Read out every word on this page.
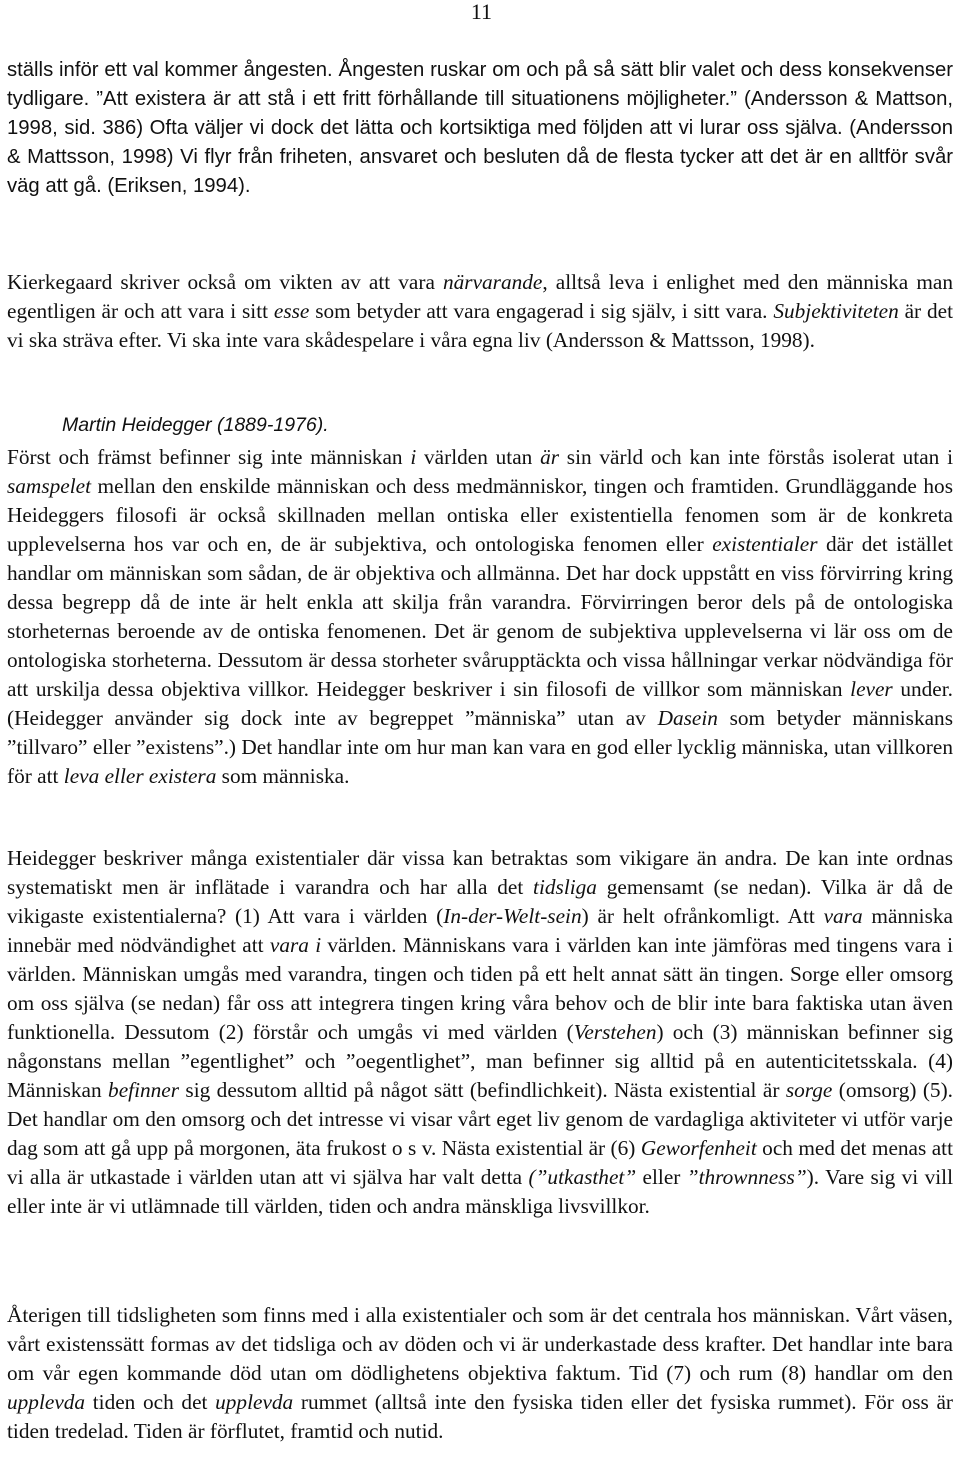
11

ställs inför ett val kommer ångesten. Ångesten ruskar om och på så sätt blir valet och dess konsekvenser tydligare. ”Att existera är att stå i ett fritt förhållande till situationens möjligheter.” (Andersson & Mattson, 1998, sid. 386) Ofta väljer vi dock det lätta och kortsiktiga med följden att vi lurar oss själva. (Andersson & Mattsson, 1998) Vi flyr från friheten, ansvaret och besluten då de flesta tycker att det är en alltför svår väg att gå. (Eriksen, 1994).

Kierkegaard skriver också om vikten av att vara närvarande, alltså leva i enlighet med den människa man egentligen är och att vara i sitt esse som betyder att vara engagerad i sig själv, i sitt vara. Subjektiviteten är det vi ska sträva efter. Vi ska inte vara skådespelare i våra egna liv (Andersson & Mattsson, 1998).

Martin Heidegger (1889-1976).

Först och främst befinner sig inte människan i världen utan är sin värld och kan inte förstås isolerat utan i samspelet mellan den enskilde människan och dess medmänniskor, tingen och framtiden. Grundläggande hos Heideggers filosofi är också skillnaden mellan ontiska eller existentiella fenomen som är de konkreta upplevelserna hos var och en, de är subjektiva, och ontologiska fenomen eller existentialer där det istället handlar om människan som sådan, de är objektiva och allmänna. Det har dock uppstått en viss förvirring kring dessa begrepp då de inte är helt enkla att skilja från varandra. Förvirringen beror dels på de ontologiska storheternas beroende av de ontiska fenomenen. Det är genom de subjektiva upplevelserna vi lär oss om de ontologiska storheterna. Dessutom är dessa storheter svårupptäckta och vissa hållningar verkar nödvändiga för att urskilja dessa objektiva villkor. Heidegger beskriver i sin filosofi de villkor som människan lever under. (Heidegger använder sig dock inte av begreppet ”människa” utan av Dasein som betyder människans ”tillvaro” eller ”existens”.) Det handlar inte om hur man kan vara en god eller lycklig människa, utan villkoren för att leva eller existera som människa.

Heidegger beskriver många existentialer där vissa kan betraktas som vikigare än andra. De kan inte ordnas systematiskt men är inflätade i varandra och har alla det tidsliga gemensamt (se nedan). Vilka är då de vikigaste existentialerna? (1) Att vara i världen (In-der-Welt-sein) är helt ofrånkomligt. Att vara människa innebär med nödvändighet att vara i världen. Människans vara i världen kan inte jämföras med tingens vara i världen. Människan umgås med varandra, tingen och tiden på ett helt annat sätt än tingen. Sorge eller omsorg om oss själva (se nedan) får oss att integrera tingen kring våra behov och de blir inte bara faktiska utan även funktionella. Dessutom (2) förstår och umgås vi med världen (Verstehen) och (3) människan befinner sig någonstans mellan ”egentlighet” och ”oegentlighet”, man befinner sig alltid på en autenticitetsskala. (4) Människan befinner sig dessutom alltid på något sätt (befindlichkeit). Nästa existential är sorge (omsorg) (5). Det handlar om den omsorg och det intresse vi visar vårt eget liv genom de vardagliga aktiviteter vi utför varje dag som att gå upp på morgonen, äta frukost o s v. Nästa existential är (6) Geworfenheit och med det menas att vi alla är utkastade i världen utan att vi själva har valt detta (”utkasthet” eller ”thrownness”). Vare sig vi vill eller inte är vi utlämnade till världen, tiden och andra mänskliga livsvillkor.

Återigen till tidsligheten som finns med i alla existentialer och som är det centrala hos människan. Vårt väsen, vårt existenssätt formas av det tidsliga och av döden och vi är underkastade dess krafter. Det handlar inte bara om vår egen kommande död utan om dödlighetens objektiva faktum. Tid (7) och rum (8) handlar om den upplevda tiden och det upplevda rummet (alltså inte den fysiska tiden eller det fysiska rummet). För oss är tiden tredelad. Tiden är förflutet, framtid och nutid.
